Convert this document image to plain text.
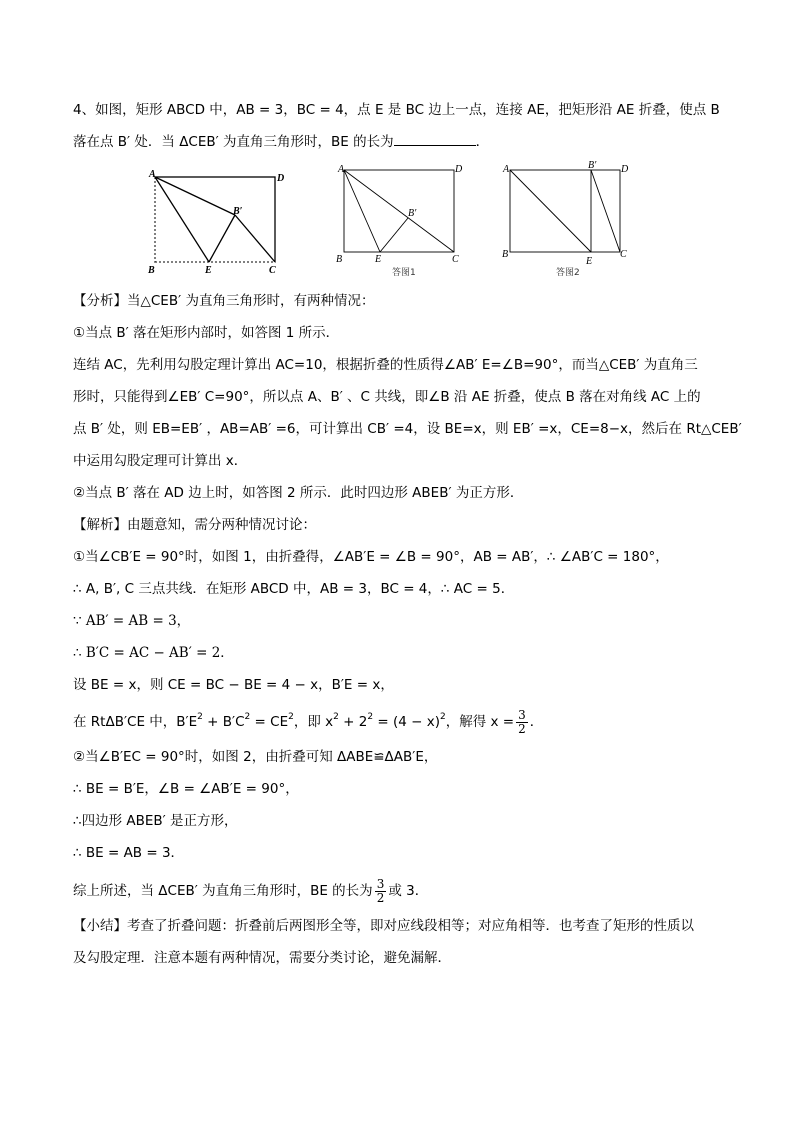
4、如图，矩形 ABCD 中，AB = 3，BC = 4，点 E 是 BC 边上一点，连接 AE，把矩形沿 AE 折叠，使点 B
落在点 B′ 处．当 ΔCEB′ 为直角三角形时，BE 的长为	．
A	D
B	E	C
B′
A	D
B	E	C
B′
答图1
A	B′ D
B
E
C
答图2
【分析】当△CEB′ 为直角三角形时，有两种情况：
①当点 B′ 落在矩形内部时，如答图 1 所示．
连结 AC，先利用勾股定理计算出 AC=10，根据折叠的性质得∠AB′ E=∠B=90°，而当△CEB′ 为直角三
形时，只能得到∠EB′ C=90°，所以点 A、B′ 、C 共线，即∠B 沿 AE 折叠，使点 B 落在对角线 AC 上的
点 B′ 处，则 EB=EB′ ，AB=AB′ =6，可计算出 CB′ =4，设 BE=x，则 EB′ =x，CE=8−x，然后在 Rt△CEB′
中运用勾股定理可计算出 x．
②当点 B′ 落在 AD 边上时，如答图 2 所示．此时四边形 ABEB′ 为正方形．
【解析】由题意知，需分两种情况讨论：
①当∠CB′E = 90°时，如图 1，由折叠得，∠AB′E = ∠B = 90°，AB = AB′，∴ ∠AB′C = 180°，
∴ A, B′, C 三点共线．在矩形 ABCD 中，AB = 3，BC = 4，∴ AC = 5．
∵ AB′ = AB = 3，
∴ B′C = AC − AB′ = 2．
设 BE = x，则 CE = BC − BE = 4 − x，B′E = x，
在 RtΔB′CE 中，$B'E^2 + B'C^2 = CE^2$，即 $x^2 + 2^2 = (4 - x)^2$，解得 $x = \frac{3}{2}$ ．
②当∠B′EC = 90°时，如图 2，由折叠可知 ΔABE≌ΔAB′E，
∴ BE = B′E，∠B = ∠AB′E = 90°，
∴四边形 ABEB′ 是正方形，
∴ BE = AB = 3．
综上所述，当 ΔCEB′ 为直角三角形时，BE 的长为 $\frac{3}{2}$ 或 3．
【小结】考查了折叠问题：折叠前后两图形全等，即对应线段相等；对应角相等．也考查了矩形的性质以
及勾股定理．注意本题有两种情况，需要分类讨论，避免漏解．
